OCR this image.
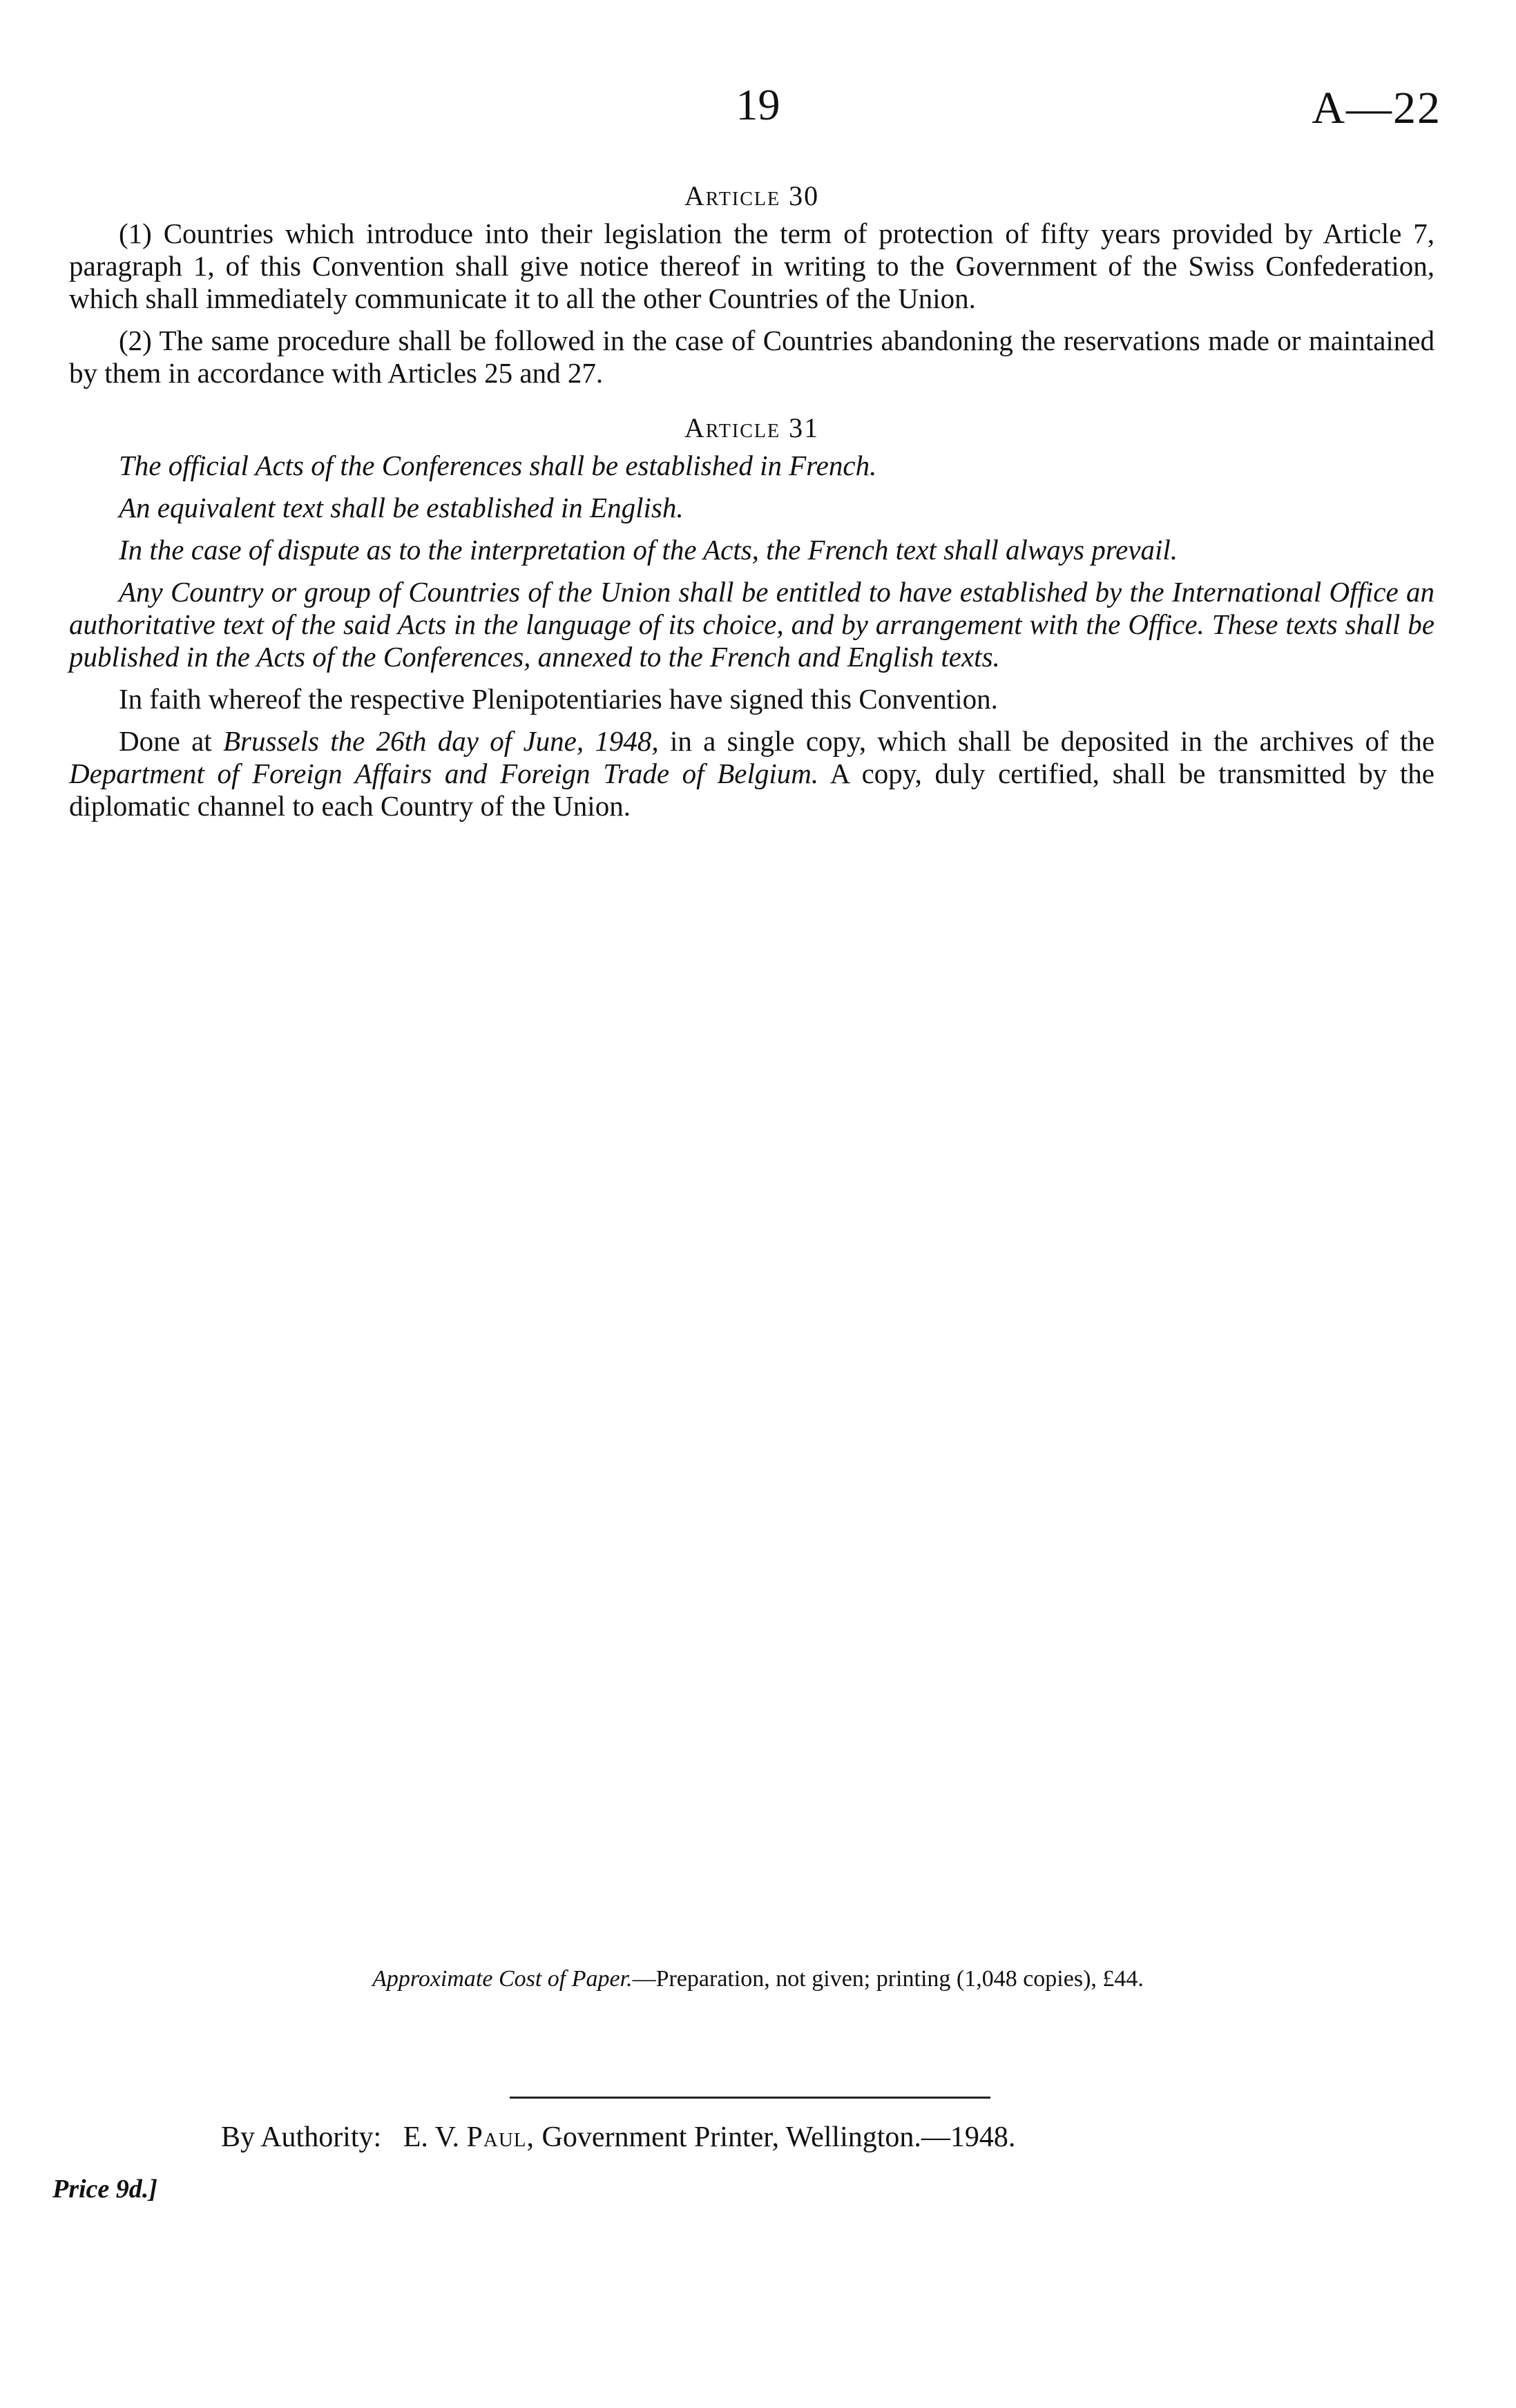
19	A—22
Article 30

(1) Countries which introduce into their legislation the term of protection of fifty years provided by Article 7, paragraph 1, of this Convention shall give notice thereof in writing to the Government of the Swiss Confederation, which shall immediately communicate it to all the other Countries of the Union.

(2) The same procedure shall be followed in the case of Countries abandoning the reservations made or maintained by them in accordance with Articles 25 and 27.

Article 31

The official Acts of the Conferences shall be established in French.

An equivalent text shall be established in English.

In the case of dispute as to the interpretation of the Acts, the French text shall always prevail.

Any Country or group of Countries of the Union shall be entitled to have established by the International Office an authoritative text of the said Acts in the language of its choice, and by arrangement with the Office. These texts shall be published in the Acts of the Conferences, annexed to the French and English texts.

In faith whereof the respective Plenipotentiaries have signed this Convention.

Done at Brussels the 26th day of June, 1948, in a single copy, which shall be deposited in the archives of the Department of Foreign Affairs and Foreign Trade of Belgium. A copy, duly certified, shall be transmitted by the diplomatic channel to each Country of the Union.

Approximate Cost of Paper.—Preparation, not given; printing (1,048 copies), £44.
By Authority: E. V. Paul, Government Printer, Wellington.—1948.
Price 9d.]
